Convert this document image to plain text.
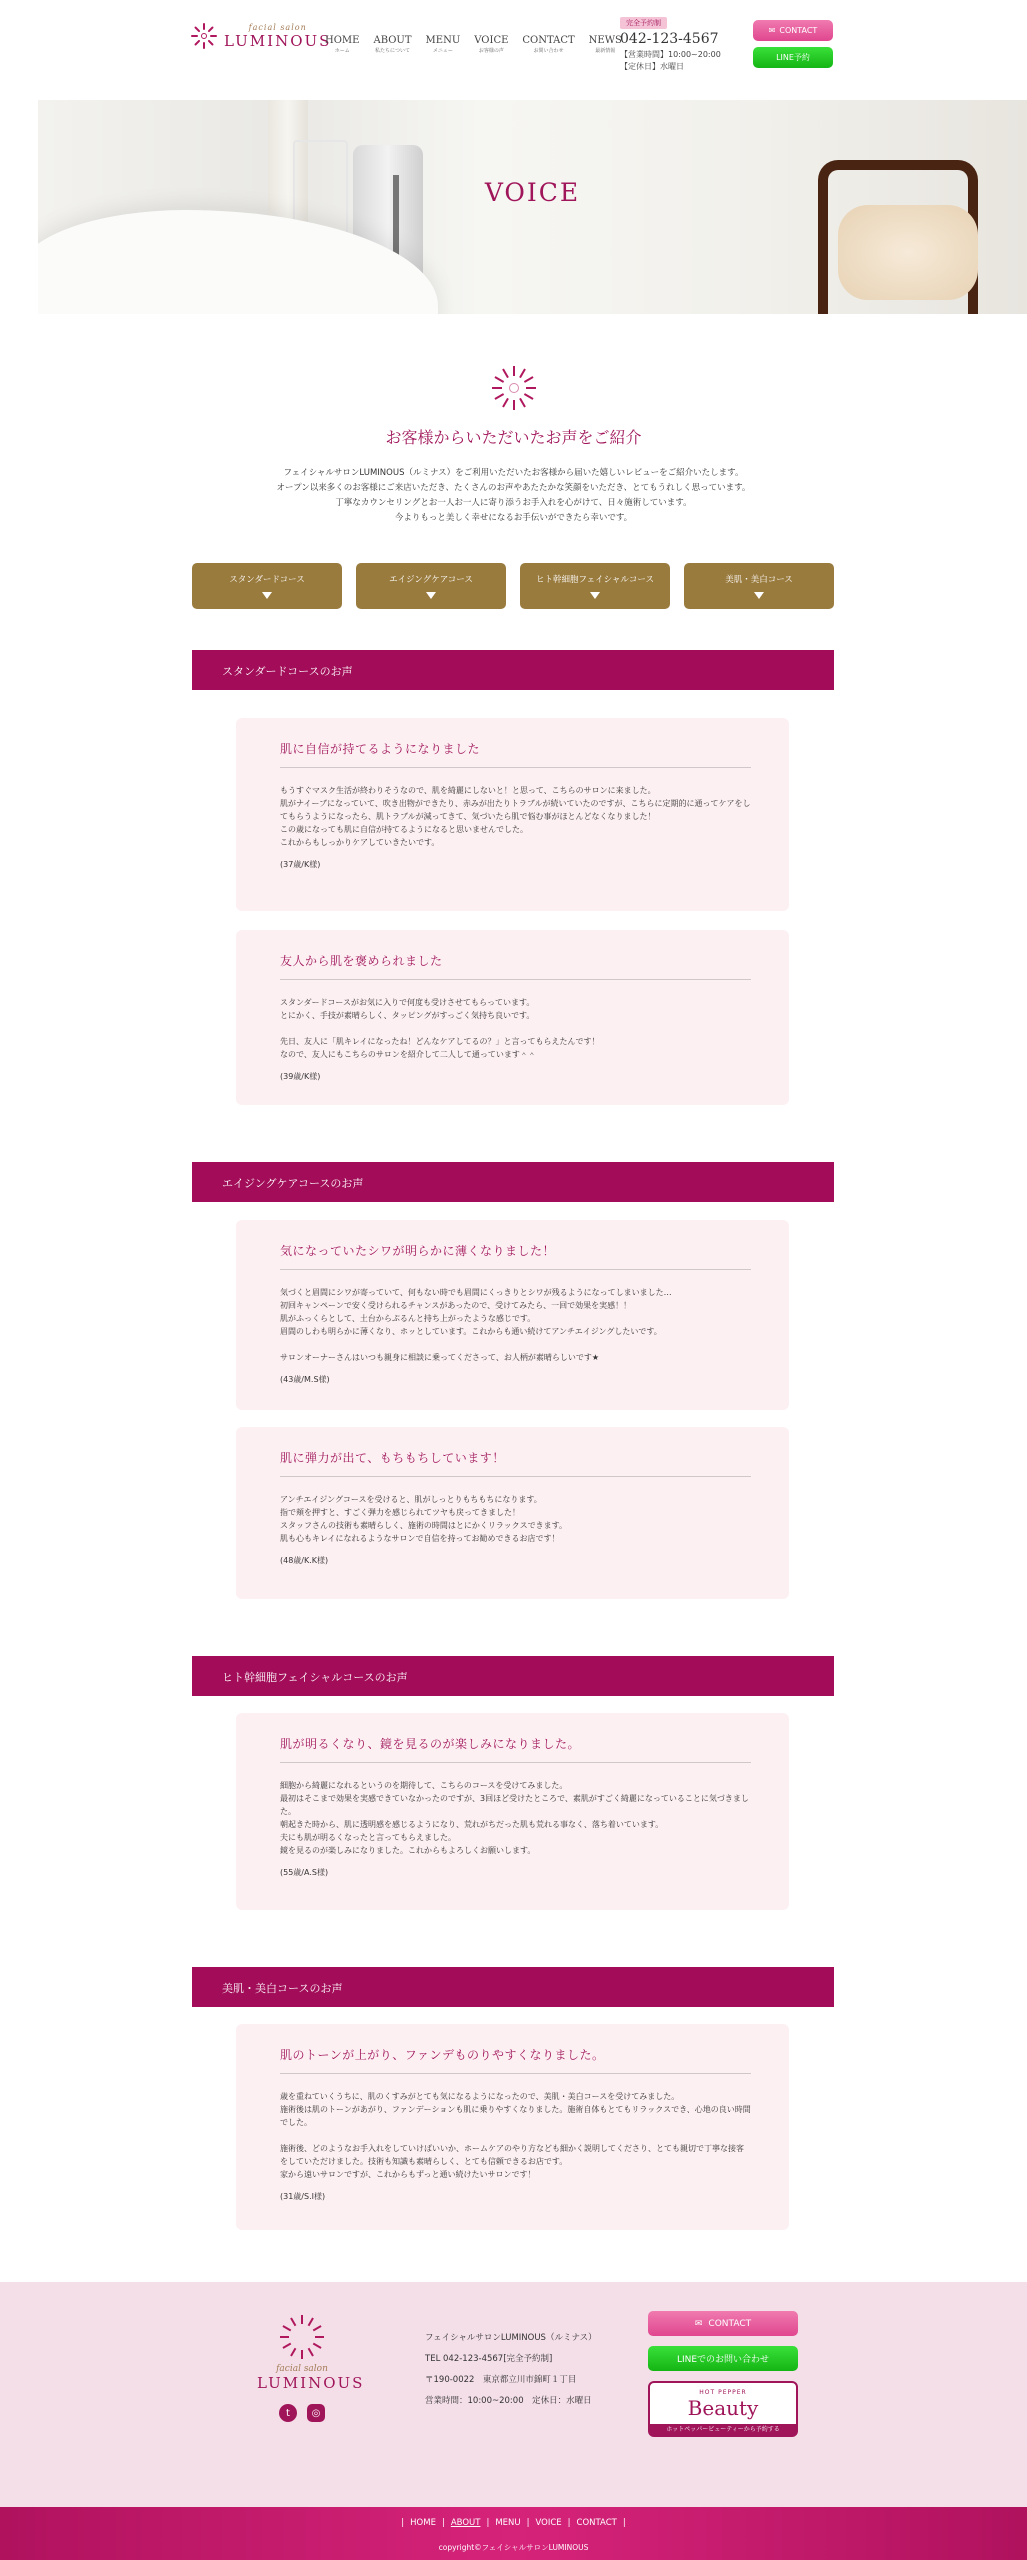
facial salon
LUMINOUS
HOME
ホーム
ABOUT
私たちについて
MENU
メニュー
VOICE
お客様の声
CONTACT
お問い合わせ
NEWS
最新情報
完全予約制
042-123-4567

【営業時間】10:00~20:00

【定休日】水曜日

✉ CONTACT
LINE予約
VOICE
お客様からいただいたお声をご紹介

フェイシャルサロンLUMINOUS（ルミナス）をご利用いただいたお客様から届いた嬉しいレビューをご紹介いたします。
オープン以来多くのお客様にご来店いただき、たくさんのお声やあたたかな笑顔をいただき、とてもうれしく思っています。
丁寧なカウンセリングとお一人お一人に寄り添うお手入れを心がけて、日々施術しています。
今よりもっと美しく幸せになるお手伝いができたら幸いです。

スタンダードコース	エイジングケアコース	ヒト幹細胞フェイシャルコース	美肌・美白コース
スタンダードコースのお声
肌に自信が持てるようになりました
もうすぐマスク生活が終わりそうなので、肌を綺麗にしないと！と思って、こちらのサロンに来ました。
肌がナイーブになっていて、吹き出物ができたり、赤みが出たりトラブルが続いていたのですが、こちらに定期的に通ってケアをしてもらうようになったら、肌トラブルが減ってきて、気づいたら肌で悩む事がほとんどなくなりました！
この歳になっても肌に自信が持てるようになると思いませんでした。
これからもしっかりケアしていきたいです。
(37歳/K様)
友人から肌を褒められました
スタンダードコースがお気に入りで何度も受けさせてもらっています。
とにかく、手技が素晴らしく、タッピングがすっごく気持ち良いです。

先日、友人に「肌キレイになったね！どんなケアしてるの？」と言ってもらえたんです！
なので、友人にもこちらのサロンを紹介して二人して通っています＾＾
(39歳/K様)
エイジングケアコースのお声
気になっていたシワが明らかに薄くなりました！
気づくと眉間にシワが寄っていて、何もない時でも眉間にくっきりとシワが残るようになってしまいました…
初回キャンペーンで安く受けられるチャンスがあったので、受けてみたら、一回で効果を実感！！
肌がふっくらとして、土台からぷるんと持ち上がったような感じです。
眉間のしわも明らかに薄くなり、ホッとしています。これからも通い続けてアンチエイジングしたいです。

サロンオーナーさんはいつも親身に相談に乗ってくださって、お人柄が素晴らしいです★
(43歳/M.S様)
肌に弾力が出て、もちもちしています！
アンチエイジングコースを受けると、肌がしっとりもちもちになります。
指で頬を押すと、すごく弾力を感じられてツヤも戻ってきました！
スタッフさんの技術も素晴らしく、施術の時間はとにかくリラックスできます。
肌も心もキレイになれるようなサロンで自信を持ってお勧めできるお店です！
(48歳/K.K様)
ヒト幹細胞フェイシャルコースのお声
肌が明るくなり、鏡を見るのが楽しみになりました。
細胞から綺麗になれるというのを期待して、こちらのコースを受けてみました。
最初はそこまで効果を実感できていなかったのですが、3回ほど受けたところで、素肌がすごく綺麗になっていることに気づきました。
朝起きた時から、肌に透明感を感じるようになり、荒れがちだった肌も荒れる事なく、落ち着いています。
夫にも肌が明るくなったと言ってもらえました。
鏡を見るのが楽しみになりました。これからもよろしくお願いします。
(55歳/A.S様)
美肌・美白コースのお声
肌のトーンが上がり、ファンデものりやすくなりました。
歳を重ねていくうちに、肌のくすみがとても気になるようになったので、美肌・美白コースを受けてみました。
施術後は肌のトーンがあがり、ファンデーションも肌に乗りやすくなりました。施術自体もとてもリラックスでき、心地の良い時間でした。

施術後、どのようなお手入れをしていけばいいか、ホームケアのやり方なども細かく説明してくださり、とても親切で丁寧な接客をしていただけました。技術も知識も素晴らしく、とても信頼できるお店です。
家から遠いサロンですが、これからもずっと通い続けたいサロンです！
(31歳/S.I様)
facial salon
LUMINOUS
t	◎
フェイシャルサロンLUMINOUS（ルミナス）
TEL 042-123-4567[完全予約制]
〒190-0022　東京都立川市錦町１丁目
営業時間：10:00~20:00　定休日：水曜日
✉ CONTACT
LINEでのお問い合わせ
HOT PEPPER
Beauty
ホットペッパービューティーから予約する
| HOME | ABOUT | MENU | VOICE | CONTACT |

copyright©フェイシャルサロンLUMINOUS
